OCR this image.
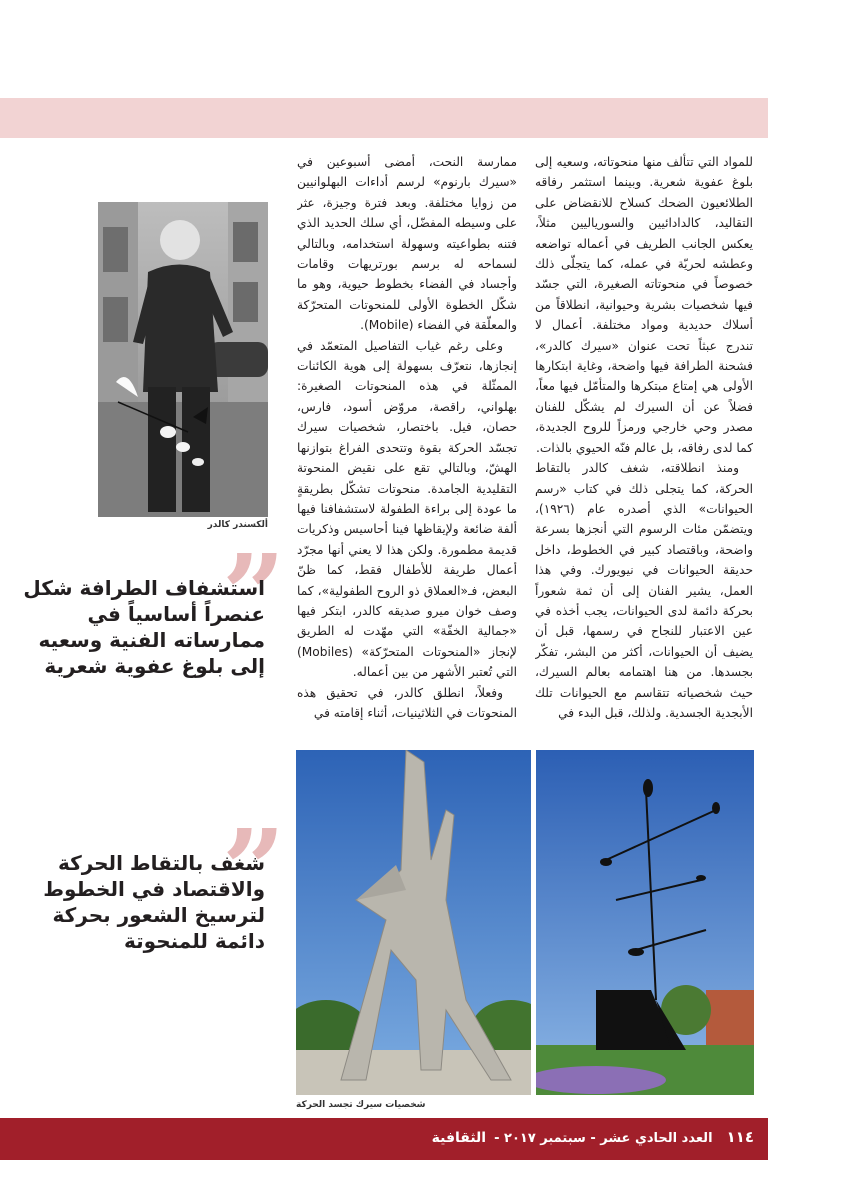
للمواد التي تتألف منها منحوتاته، وسعيه إلى بلوغ عفوية شعرية. وبينما استثمر رفاقه الطلائعيون الضحك كسلاح للانقضاض على التقاليد، كالدادائيين والسورياليين مثلاً، يعكس الجانب الطريف في أعماله تواضعه وعطشه لحريّة في عمله، كما يتجلّى ذلك خصوصاً في منحوتاته الصغيرة، التي جسّد فيها شخصيات بشرية وحيوانية، انطلاقاً من أسلاك حديدية ومواد مختلفة. أعمال لا تندرج عبثاً تحت عنوان «سيرك كالدر»، فشحنة الطرافة فيها واضحة، وغاية ابتكارها الأولى هي إمتاع مبتكرها والمتأمّل فيها معاً، فضلاً عن أن السيرك لم يشكّل للفنان مصدر وحي خارجي ورمزاً للروح الجديدة، كما لدى رفاقه، بل عالم فنّه الحيوي بالذات.

ومنذ انطلاقته، شغف كالدر بالتقاط الحركة، كما يتجلى ذلك في كتاب «رسم الحيوانات» الذي أصدره عام (١٩٢٦)، ويتضمّن مئات الرسوم التي أنجزها بسرعة واضحة، وباقتصاد كبير في الخطوط، داخل حديقة الحيوانات في نيويورك. وفي هذا العمل، يشير الفنان إلى أن ثمة شعوراً بحركة دائمة لدى الحيوانات، يجب أخذه في عين الاعتبار للنجاح في رسمها، قبل أن يضيف أن الحيوانات، أكثر من البشر، تفكّر بجسدها. من هنا اهتمامه بعالم السيرك، حيث شخصياته تتقاسم مع الحيوانات تلك الأبجدية الجسدية. ولذلك، قبل البدء في

ممارسة النحت، أمضى أسبوعين في «سيرك بارنوم» لرسم أداءات البهلوانيين من زوايا مختلفة. وبعد فترة وجيزة، عثر على وسيطه المفضّل، أي سلك الحديد الذي فتنه بطواعيته وسهولة استخدامه، وبالتالي لسماحه له برسم بورتريهات وقامات وأجساد في الفضاء بخطوط حيوية، وهو ما شكّل الخطوة الأولى للمنحوتات المتحرّكة والمعلّقة في الفضاء (Mobile).

وعلى رغم غياب التفاصيل المتعمّد في إنجازها، نتعرّف بسهولة إلى هوية الكائنات الممثّلة في هذه المنحوتات الصغيرة: بهلواني، راقصة، مروّض أسود، فارس، حصان، فيل. باختصار، شخصيات سيرك تجسّد الحركة بقوة وتتحدى الفراغ بتوازنها الهشّ، وبالتالي تقع على نقيض المنحوتة التقليدية الجامدة. منحوتات تشكّل بطريقةٍ ما عودة إلى براءة الطفولة لاستشفافنا فيها ألفة ضائعة ولإيقاظها فينا أحاسيس وذكريات قديمة مطمورة. ولكن هذا لا يعني أنها مجرّد أعمال طريفة للأطفال فقط، كما ظنّ البعض، فـ«العملاق ذو الروح الطفولية»، كما وصف خوان ميرو صديقه كالدر، ابتكر فيها «جمالية الخفّة» التي مهّدت له الطريق لإنجاز «المنحوتات المتحرّكة» (Mobiles) التي تُعتبر الأشهر من بين أعماله.

وفعلاً، انطلق كالدر، في تحقيق هذه المنحوتات في الثلاثينيات، أثناء إقامته في

ألكسندر كالدر
”
استشفاف الطرافة شكل عنصراً أساسياً في ممارساته الفنية وسعيه إلى بلوغ عفوية شعرية
”
شغف بالتقاط الحركة والاقتصاد في الخطوط لترسيخ الشعور بحركة دائمة للمنحوتة
شخصيات سيرك تجسد الحركة
١١٤العدد الحادي عشر - سبتمبر ٢٠١٧ -الثقافية
